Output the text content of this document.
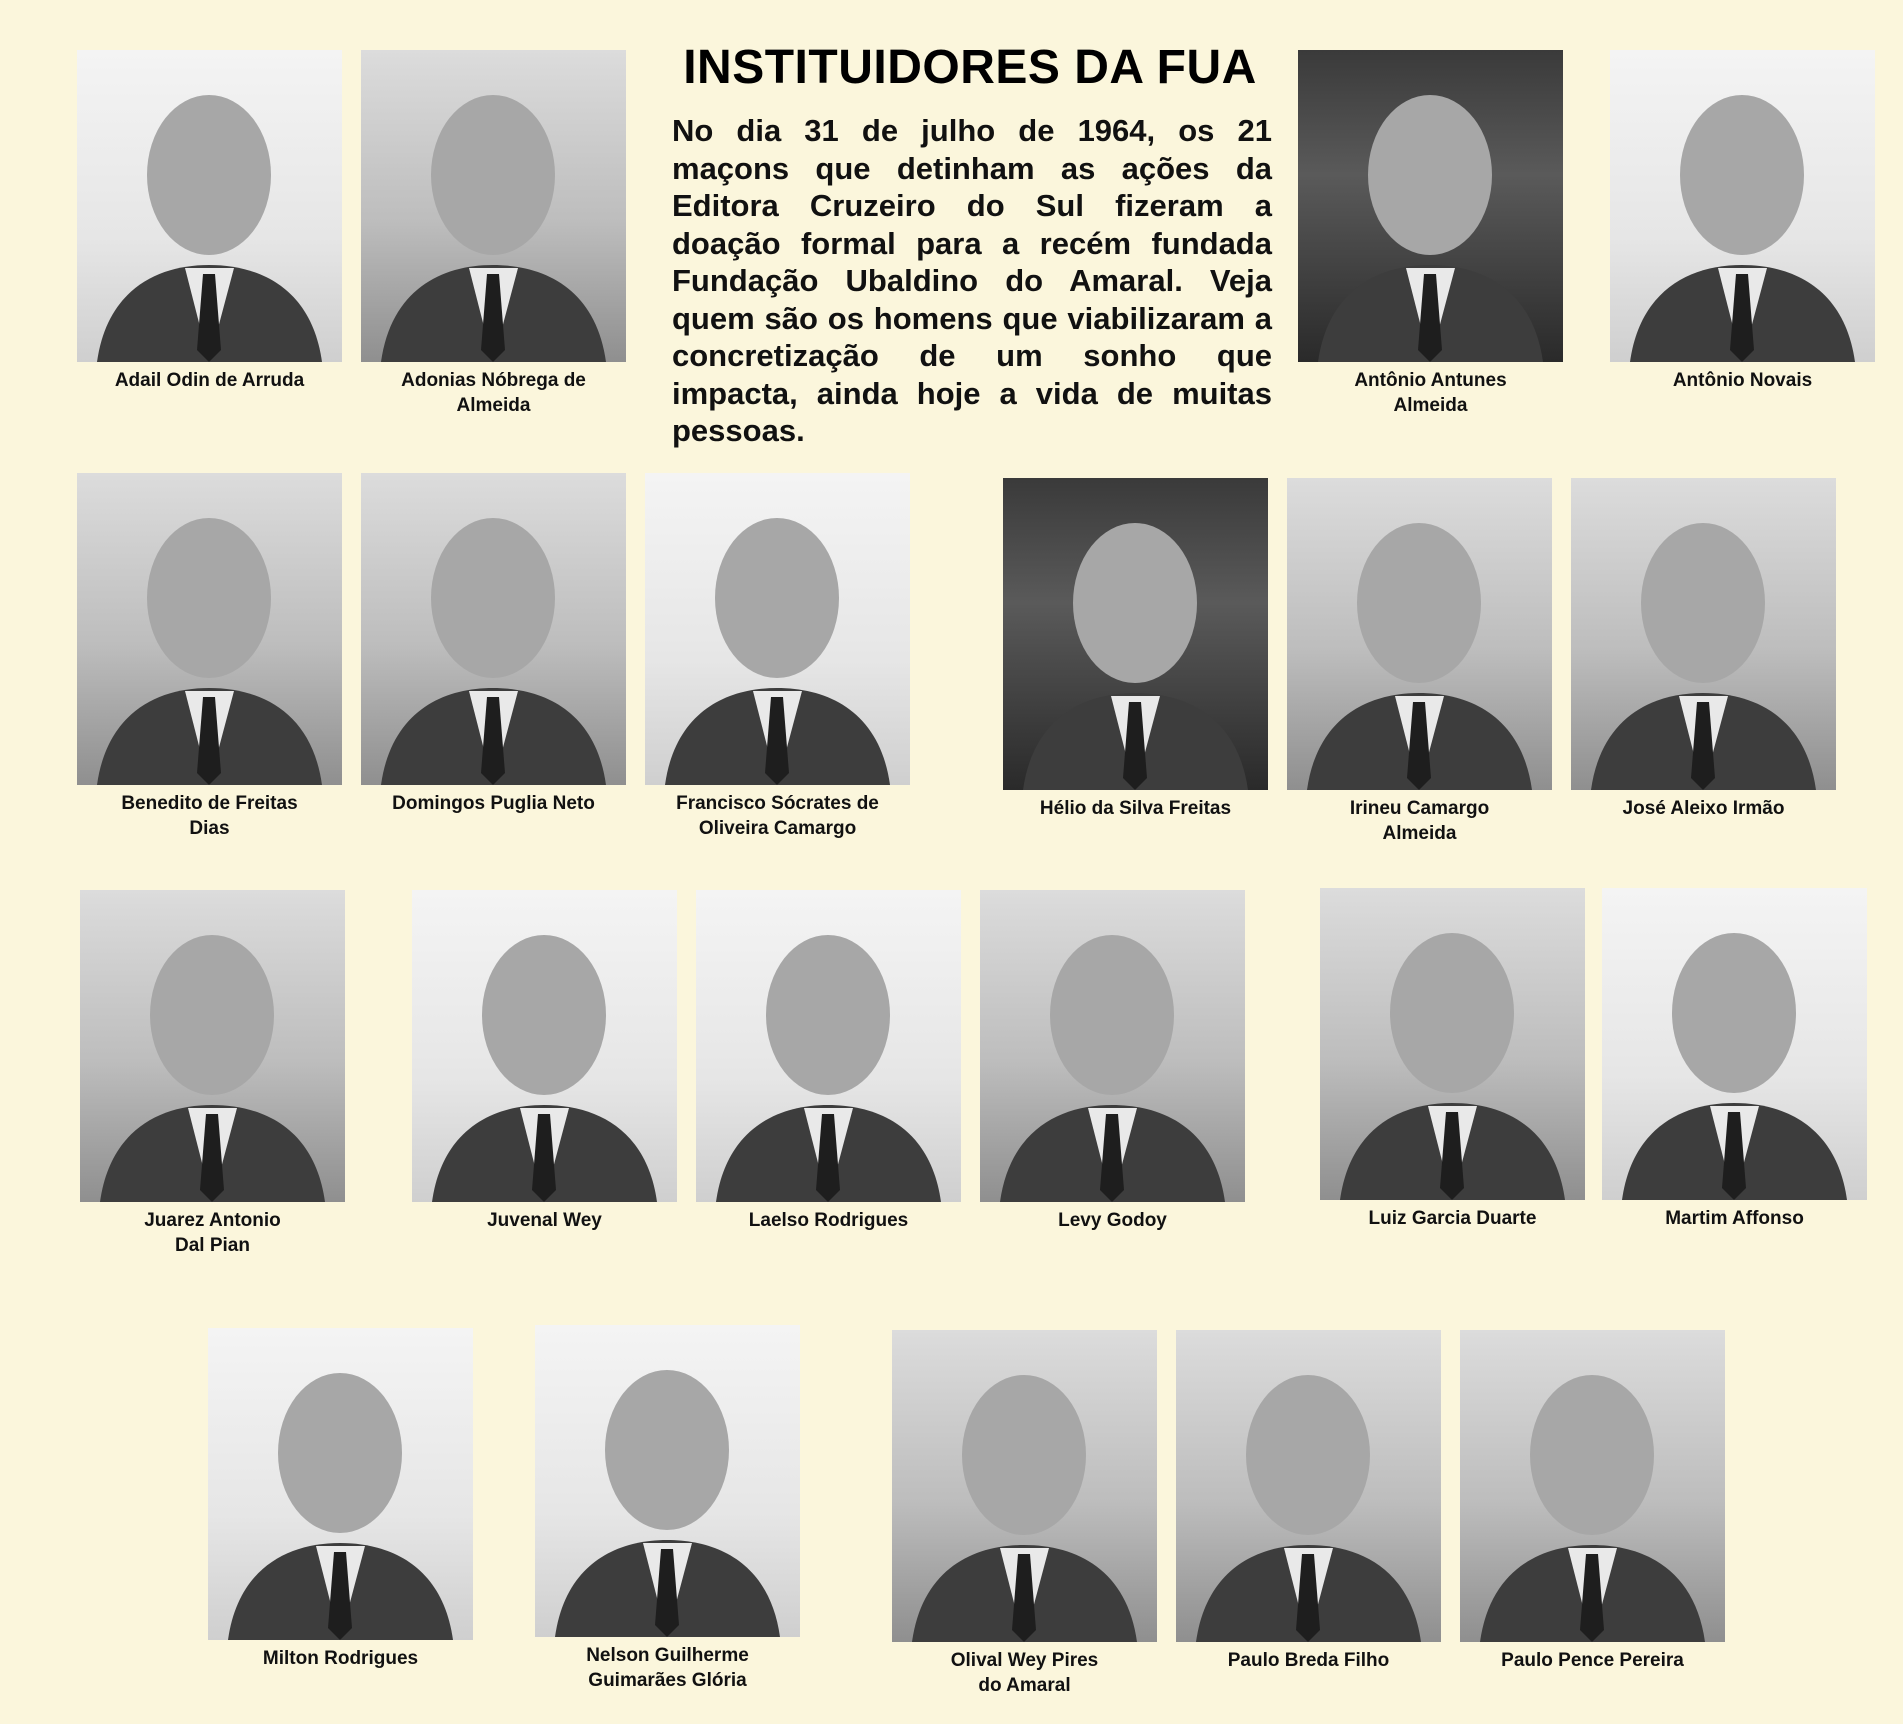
INSTITUIDORES DA FUA
No dia 31 de julho de 1964, os 21 maçons que detinham as ações da Editora Cruzeiro do Sul fizeram a doação formal para a recém fundada Fundação Ubaldino do Amaral. Veja quem são os homens que viabilizaram a concretização de um sonho que impacta, ainda hoje a vida de muitas pessoas.
Adail Odin de Arruda	Adonias Nóbrega de
Almeida
Antônio Antunes
Almeida
Antônio Novais
Benedito de Freitas
Dias
Domingos Puglia Neto	Francisco Sócrates de
Oliveira Camargo
Hélio da Silva Freitas	Irineu Camargo
Almeida
José Aleixo Irmão
Juarez Antonio
Dal Pian
Juvenal Wey	Laelso Rodrigues	Levy Godoy	Luiz Garcia Duarte	Martim Affonso
Milton Rodrigues	Nelson Guilherme
Guimarães Glória
Olival Wey Pires
do Amaral
Paulo Breda Filho	Paulo Pence Pereira
